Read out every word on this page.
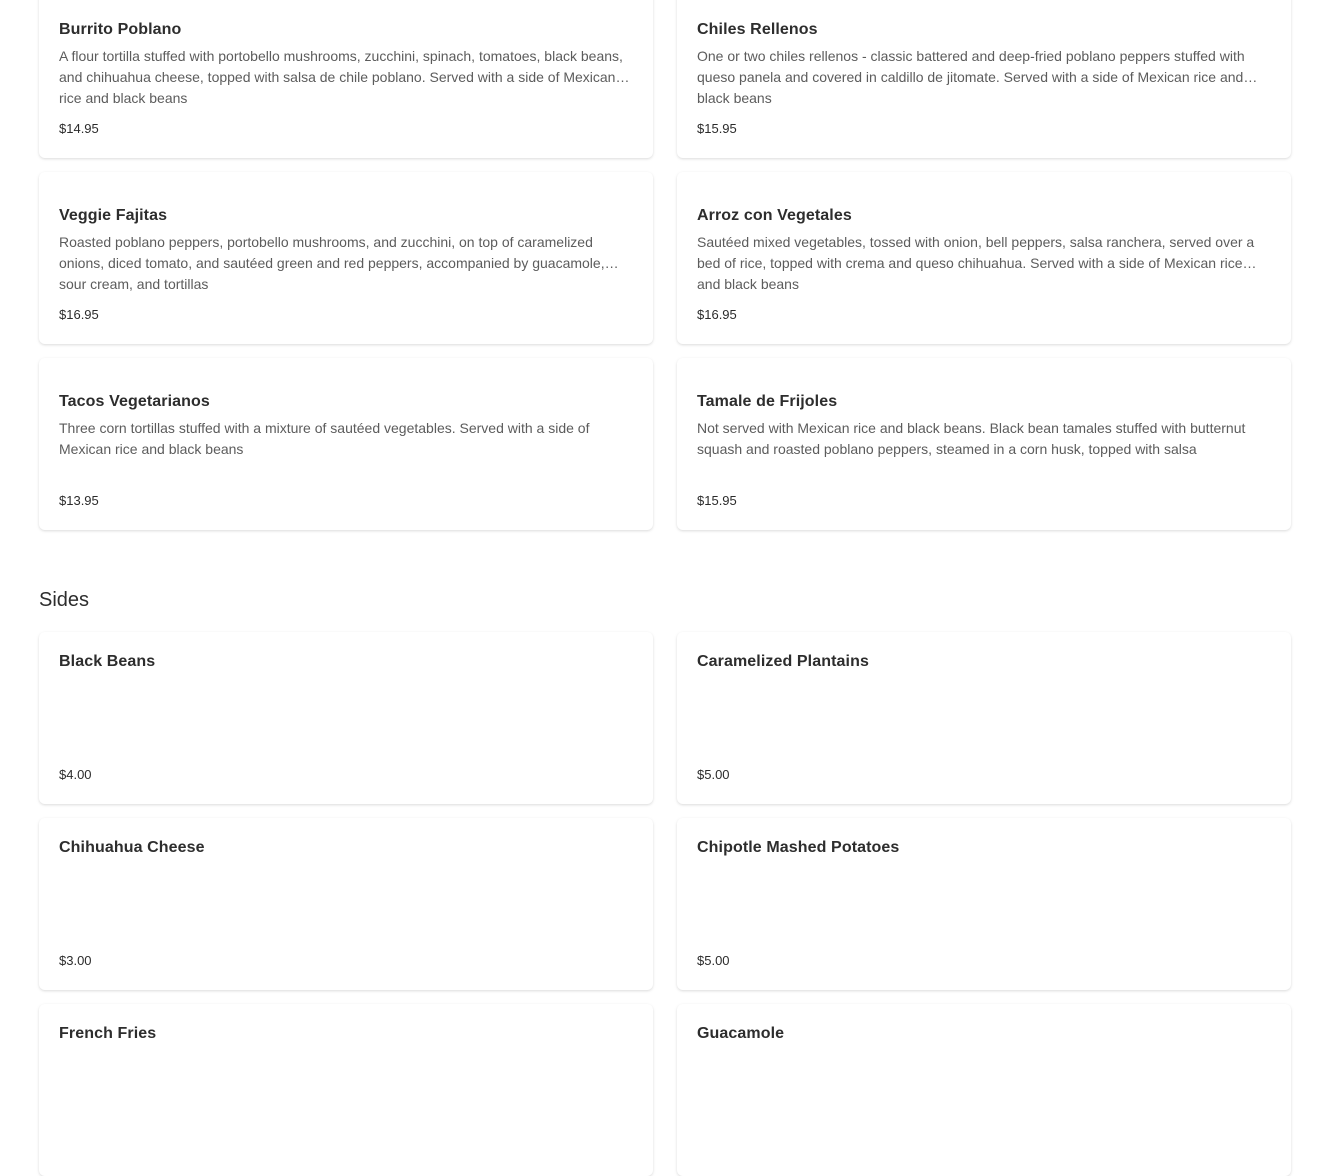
Burrito Poblano
A flour tortilla stuffed with portobello mushrooms, zucchini, spinach, tomatoes, black beans, and chihuahua cheese, topped with salsa de chile poblano. Served with a side of Mexican rice and black beans
$14.95
Chiles Rellenos
One or two chiles rellenos - classic battered and deep-fried poblano peppers stuffed with queso panela and covered in caldillo de jitomate. Served with a side of Mexican rice and black beans
$15.95
Veggie Fajitas
Roasted poblano peppers, portobello mushrooms, and zucchini, on top of caramelized onions, diced tomato, and sautéed green and red peppers, accompanied by guacamole, sour cream, and tortillas
$16.95
Arroz con Vegetales
Sautéed mixed vegetables, tossed with onion, bell peppers, salsa ranchera, served over a bed of rice, topped with crema and queso chihuahua. Served with a side of Mexican rice and black beans
$16.95
Tacos Vegetarianos
Three corn tortillas stuffed with a mixture of sautéed vegetables. Served with a side of Mexican rice and black beans
$13.95
Tamale de Frijoles
Not served with Mexican rice and black beans. Black bean tamales stuffed with butternut squash and roasted poblano peppers, steamed in a corn husk, topped with salsa
$15.95
Sides
Black Beans
$4.00
Caramelized Plantains
$5.00
Chihuahua Cheese
$3.00
Chipotle Mashed Potatoes
$5.00
French Fries	Guacamole
